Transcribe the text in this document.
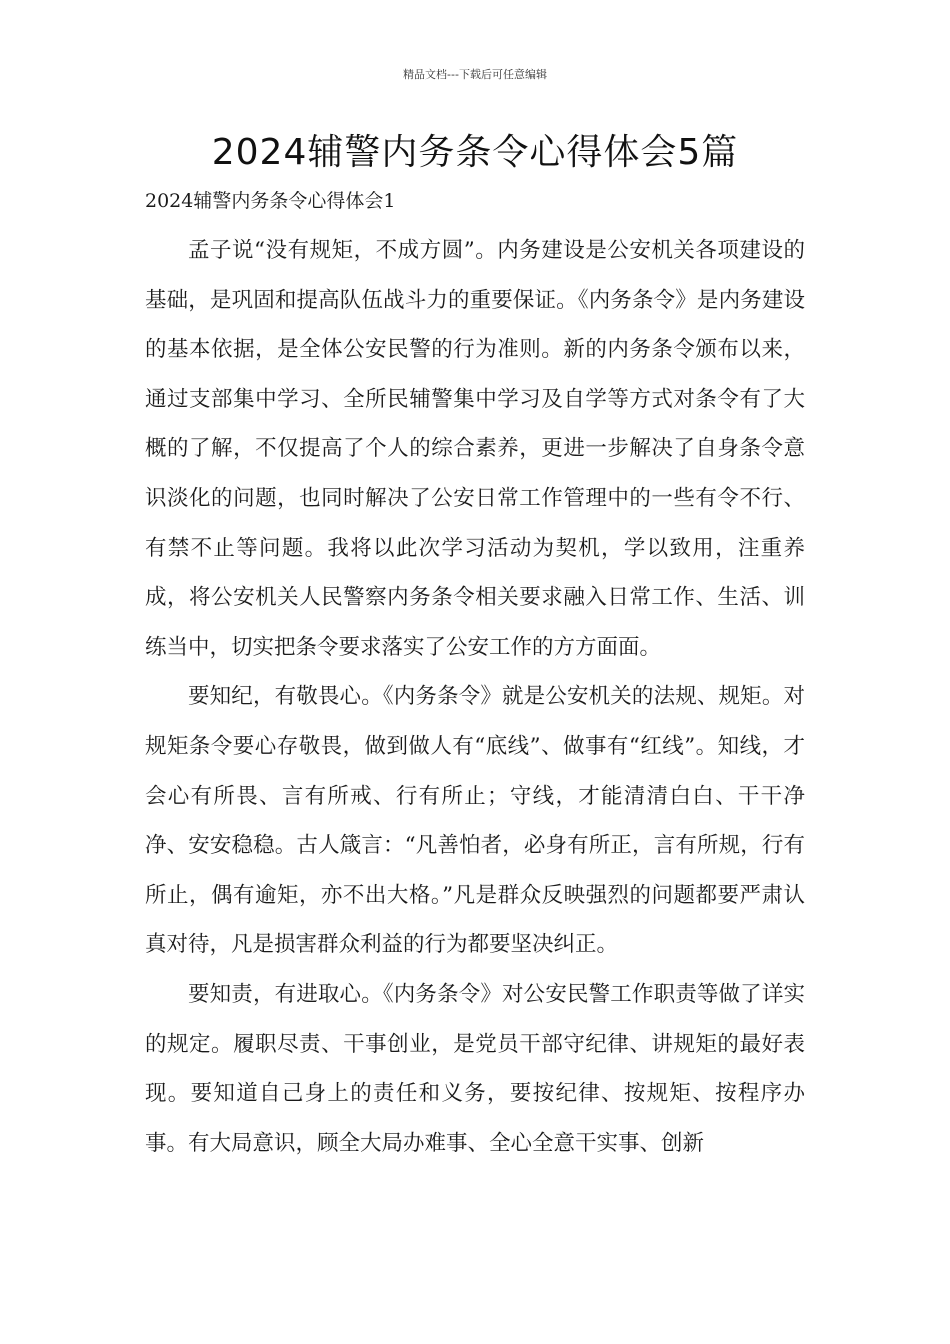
精品文档---下载后可任意编辑
2024辅警内务条令心得体会5篇
2024辅警内务条令心得体会1

孟子说“没有规矩，不成方圆”。内务建设是公安机关各项建设的基础，是巩固和提高队伍战斗力的重要保证。《内务条令》是内务建设的基本依据，是全体公安民警的行为准则。新的内务条令颁布以来，通过支部集中学习、全所民辅警集中学习及自学等方式对条令有了大概的了解，不仅提高了个人的综合素养，更进一步解决了自身条令意识淡化的问题，也同时解决了公安日常工作管理中的一些有令不行、有禁不止等问题。我将以此次学习活动为契机，学以致用，注重养成，将公安机关人民警察内务条令相关要求融入日常工作、生活、训练当中，切实把条令要求落实了公安工作的方方面面。

要知纪，有敬畏心。《内务条令》就是公安机关的法规、规矩。对规矩条令要心存敬畏，做到做人有“底线”、做事有“红线”。知线，才会心有所畏、言有所戒、行有所止；守线，才能清清白白、干干净净、安安稳稳。古人箴言：“凡善怕者，必身有所正，言有所规，行有所止，偶有逾矩，亦不出大格。”凡是群众反映强烈的问题都要严肃认真对待，凡是损害群众利益的行为都要坚决纠正。

要知责，有进取心。《内务条令》对公安民警工作职责等做了详实的规定。履职尽责、干事创业，是党员干部守纪律、讲规矩的最好表现。要知道自己身上的责任和义务，要按纪律、按规矩、按程序办事。有大局意识，顾全大局办难事、全心全意干实事、创新
